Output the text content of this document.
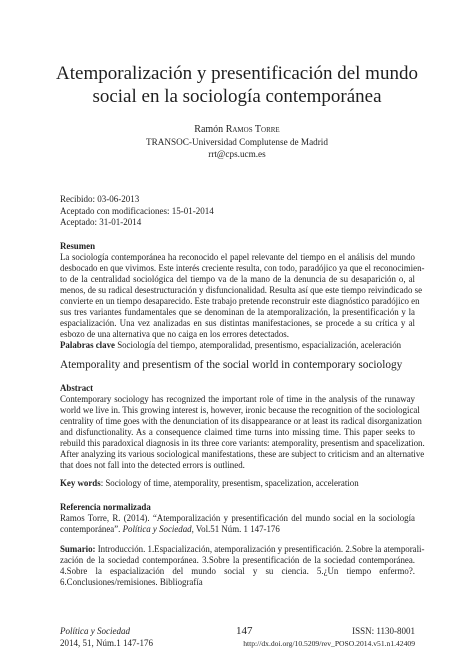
Atemporalización y presentificación del mundo
social en la sociología contemporánea
Ramón Ramos Torre
TRANSOC-Universidad Complutense de Madrid
rrt@cps.ucm.es
Recibido: 03-06-2013
Aceptado con modificaciones: 15-01-2014
Aceptado: 31-01-2014
Resumen
La sociología contemporánea ha reconocido el papel relevante del tiempo en el análisis del mundo
desbocado en que vivimos. Este interés creciente resulta, con todo, paradójico ya que el reconocimien-
to de la centralidad sociológica del tiempo va de la mano de la denuncia de su desaparición o, al
menos, de su radical desestructuración y disfuncionalidad. Resulta así que este tiempo reivindicado se
convierte en un tiempo desaparecido. Este trabajo pretende reconstruir este diagnóstico paradójico en
sus tres variantes fundamentales que se denominan de la atemporalización, la presentificación y la
espacialización. Una vez analizadas en sus distintas manifestaciones, se procede a su crítica y al
esbozo de una alternativa que no caiga en los errores detectados.
Palabras clave Sociología del tiempo, atemporalidad, presentismo, espacialización, aceleración
Atemporality and presentism of the social world in contemporary sociology
Abstract
Contemporary sociology has recognized the important role of time in the analysis of the runaway
world we live in. This growing interest is, however, ironic because the recognition of the sociological
centrality of time goes with the denunciation of its disappearance or at least its radical disorganization
and disfunctionality. As a consequence claimed time turns into missing time. This paper seeks to
rebuild this paradoxical diagnosis in its three core variants: atemporality, presentism and spacelization.
After analyzing its various sociological manifestations, these are subject to criticism and an alternative
that does not fall into the detected errors is outlined.
Key words: Sociology of time, atemporality, presentism, spacelization, acceleration
Referencia normalizada
Ramos Torre, R. (2014). “Atemporalización y presentificación del mundo social en la sociología
contemporánea”. Política y Sociedad, Vol.51 Núm. 1 147-176
Sumario: Introducción. 1.Espacialización, atemporalización y presentificación. 2.Sobre la atemporali-
zación de la sociedad contemporánea. 3.Sobre la presentificación de la sociedad contemporánea.
4.Sobre la espacialización del mundo social y su ciencia. 5.¿Un tiempo enfermo?.
6.Conclusiones/remisiones. Bibliografía
Política y Sociedad
2014, 51, Núm.1 147-176
147	ISSN: 1130-8001
http://dx.doi.org/10.5209/rev_POSO.2014.v51.n1.42409
